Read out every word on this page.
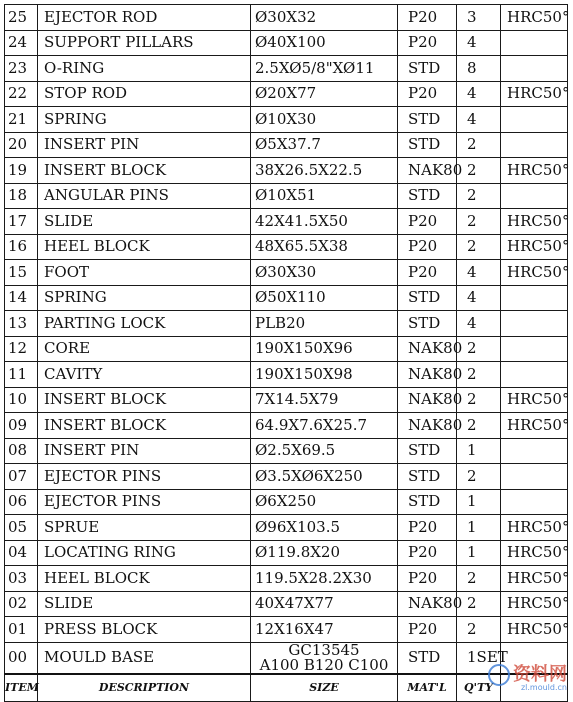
25	EJECTOR ROD	Ø30X32	P20	3	HRC50°
24	SUPPORT PILLARS	Ø40X100	P20	4	
23	O-RING	2.5XØ5/8"XØ11	STD	8	
22	STOP ROD	Ø20X77	P20	4	HRC50°
21	SPRING	Ø10X30	STD	4	
20	INSERT PIN	Ø5X37.7	STD	2	
19	INSERT BLOCK	38X26.5X22.5	NAK80	2	HRC50°
18	ANGULAR PINS	Ø10X51	STD	2	
17	SLIDE	42X41.5X50	P20	2	HRC50°
16	HEEL BLOCK	48X65.5X38	P20	2	HRC50°
15	FOOT	Ø30X30	P20	4	HRC50°
14	SPRING	Ø50X110	STD	4	
13	PARTING LOCK	PLB20	STD	4	
12	CORE	190X150X96	NAK80	2	
11	CAVITY	190X150X98	NAK80	2	
10	INSERT BLOCK	7X14.5X79	NAK80	2	HRC50°
09	INSERT BLOCK	64.9X7.6X25.7	NAK80	2	HRC50°
08	INSERT PIN	Ø2.5X69.5	STD	1	
07	EJECTOR PINS	Ø3.5XØ6X250	STD	2	
06	EJECTOR PINS	Ø6X250	STD	1	
05	SPRUE	Ø96X103.5	P20	1	HRC50°
04	LOCATING RING	Ø119.8X20	P20	1	HRC50°
03	HEEL BLOCK	119.5X28.2X30	P20	2	HRC50°
02	SLIDE	40X47X77	NAK80	2	HRC50°
01	PRESS BLOCK	12X16X47	P20	2	HRC50°
00	MOULD BASE	GC13545
A100 B120 C100	STD	1SET	
ITEM	DESCRIPTION	SIZE	MAT'L	Q'TY	
资料网
zl.mould.cn
